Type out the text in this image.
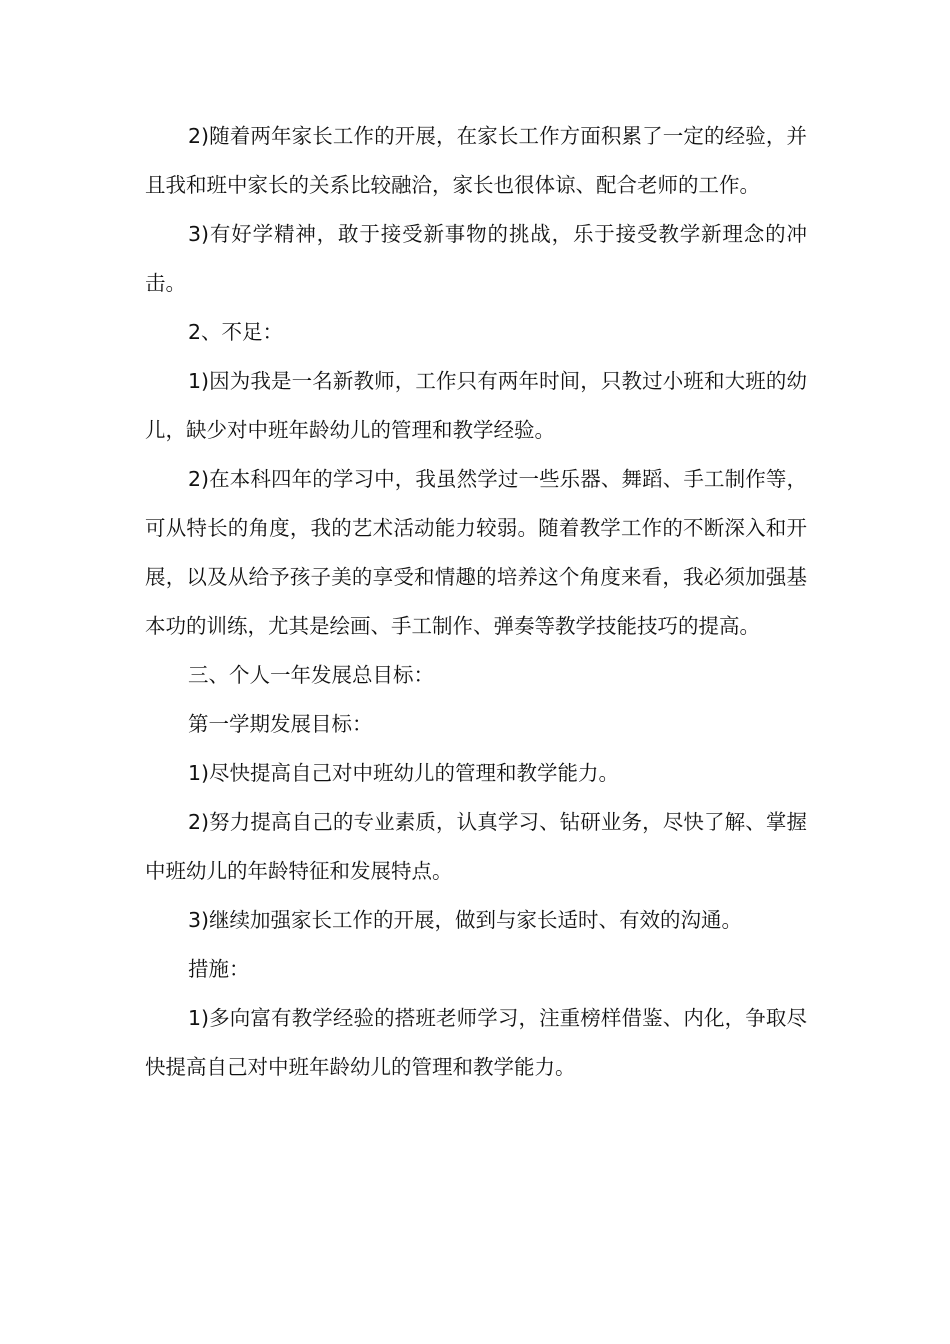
2)随着两年家长工作的开展，在家长工作方面积累了一定的经验，并且我和班中家长的关系比较融洽，家长也很体谅、配合老师的工作。

3)有好学精神，敢于接受新事物的挑战，乐于接受教学新理念的冲击。

2、不足：

1)因为我是一名新教师，工作只有两年时间，只教过小班和大班的幼儿，缺少对中班年龄幼儿的管理和教学经验。

2)在本科四年的学习中，我虽然学过一些乐器、舞蹈、手工制作等，可从特长的角度，我的艺术活动能力较弱。随着教学工作的不断深入和开展，以及从给予孩子美的享受和情趣的培养这个角度来看，我必须加强基本功的训练，尤其是绘画、手工制作、弹奏等教学技能技巧的提高。

三、个人一年发展总目标：

第一学期发展目标：

1)尽快提高自己对中班幼儿的管理和教学能力。

2)努力提高自己的专业素质，认真学习、钻研业务，尽快了解、掌握中班幼儿的年龄特征和发展特点。

3)继续加强家长工作的开展，做到与家长适时、有效的沟通。

措施：

1)多向富有教学经验的搭班老师学习，注重榜样借鉴、内化，争取尽快提高自己对中班年龄幼儿的管理和教学能力。
